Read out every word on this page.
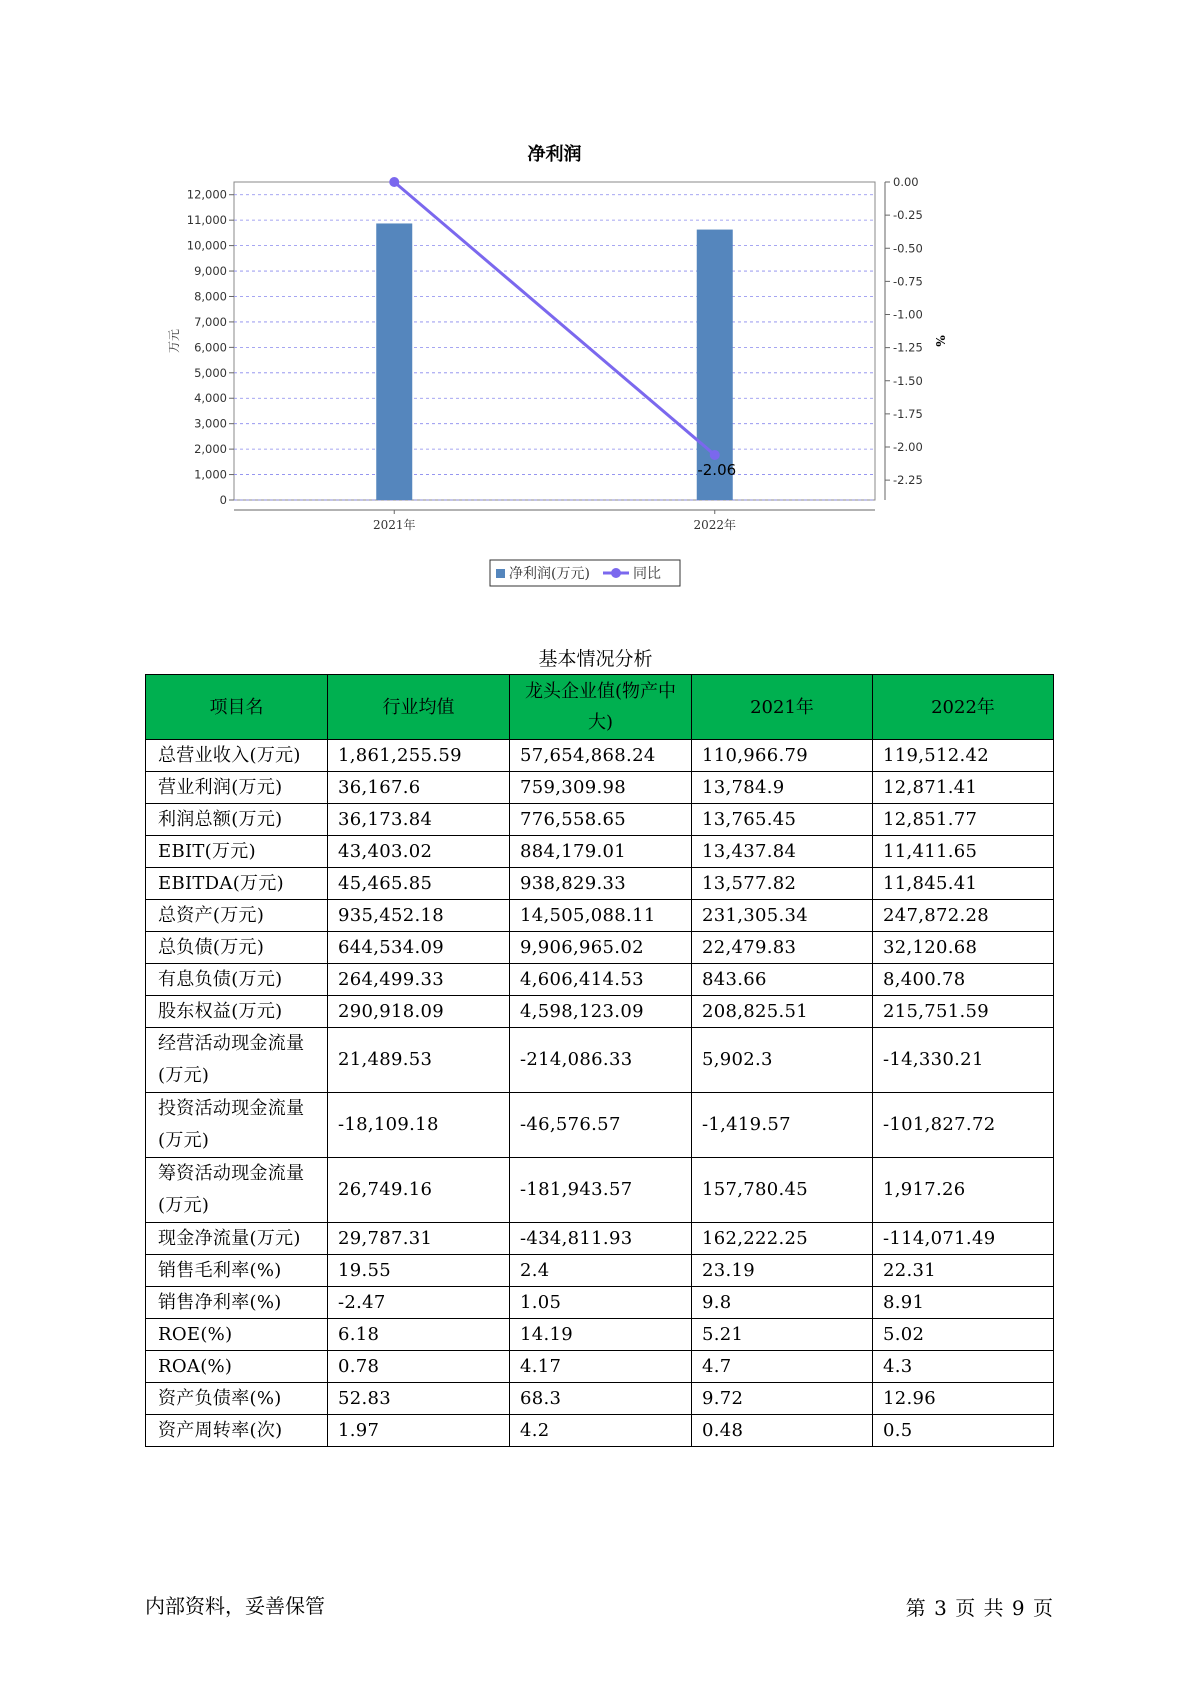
净利润
0
1,000
2,000
3,000
4,000
5,000
6,000
7,000
8,000
9,000
10,000
11,000
12,000
0.00
-0.25
-0.50
-0.75
-1.00
-1.25
-1.50
-1.75
-2.00
-2.25
万元	%
2021年	2022年
-2.06
净利润(万元)	同比
基本情况分析
项目名	行业均值	龙头企业值(物产中大)	2021年	2022年
总营业收入(万元)	1,861,255.59	57,654,868.24	110,966.79	119,512.42
营业利润(万元)	36,167.6	759,309.98	13,784.9	12,871.41
利润总额(万元)	36,173.84	776,558.65	13,765.45	12,851.77
EBIT(万元)	43,403.02	884,179.01	13,437.84	11,411.65
EBITDA(万元)	45,465.85	938,829.33	13,577.82	11,845.41
总资产(万元)	935,452.18	14,505,088.11	231,305.34	247,872.28
总负债(万元)	644,534.09	9,906,965.02	22,479.83	32,120.68
有息负债(万元)	264,499.33	4,606,414.53	843.66	8,400.78
股东权益(万元)	290,918.09	4,598,123.09	208,825.51	215,751.59
经营活动现金流量(万元)	21,489.53	-214,086.33	5,902.3	-14,330.21
投资活动现金流量(万元)	-18,109.18	-46,576.57	-1,419.57	-101,827.72
筹资活动现金流量(万元)	26,749.16	-181,943.57	157,780.45	1,917.26
现金净流量(万元)	29,787.31	-434,811.93	162,222.25	-114,071.49
销售毛利率(%)	19.55	2.4	23.19	22.31
销售净利率(%)	-2.47	1.05	9.8	8.91
ROE(%)	6.18	14.19	5.21	5.02
ROA(%)	0.78	4.17	4.7	4.3
资产负债率(%)	52.83	68.3	9.72	12.96
资产周转率(次)	1.97	4.2	0.48	0.5
内部资料，妥善保管	第 3 页 共 9 页
